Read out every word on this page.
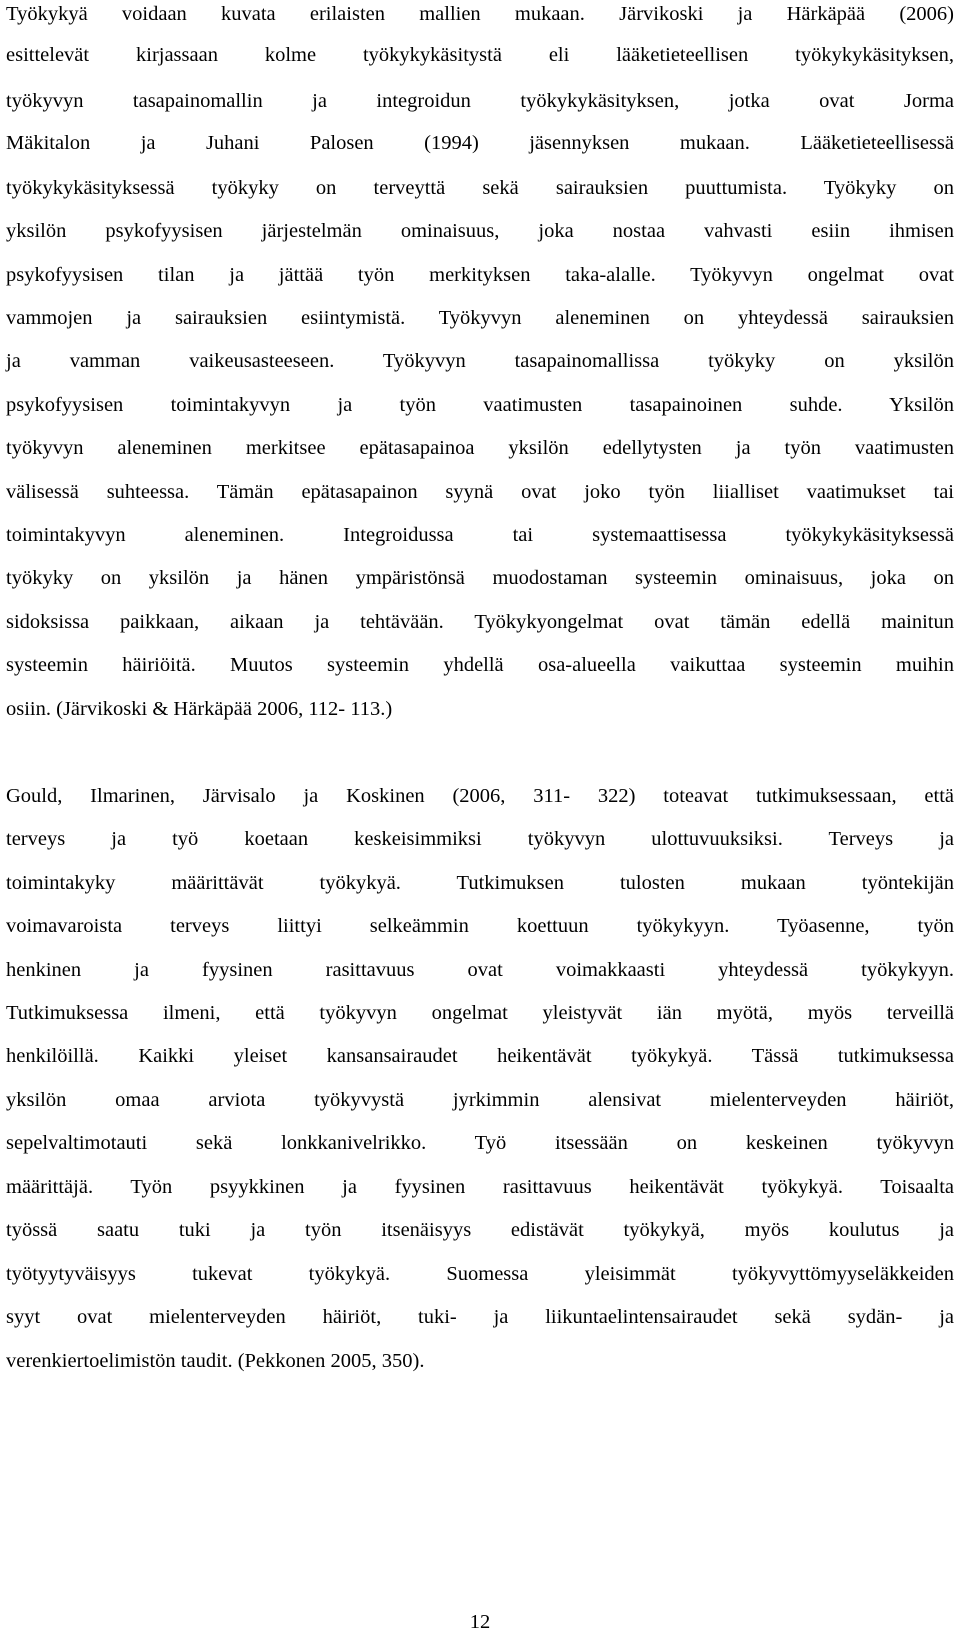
Työkykyä voidaan kuvata erilaisten mallien mukaan. Järvikoski ja Härkäpää (2006)
esittelevät kirjassaan kolme työkykykäsitystä eli lääketieteellisen työkykykäsityksen,
työkyvyn tasapainomallin ja integroidun työkykykäsityksen, jotka ovat Jorma
Mäkitalon ja Juhani Palosen (1994) jäsennyksen mukaan. Lääketieteellisessä
työkykykäsityksessä työkyky on terveyttä sekä sairauksien puuttumista. Työkyky on
yksilön psykofyysisen järjestelmän ominaisuus, joka nostaa vahvasti esiin ihmisen
psykofyysisen tilan ja jättää työn merkityksen taka-alalle. Työkyvyn ongelmat ovat
vammojen ja sairauksien esiintymistä. Työkyvyn aleneminen on yhteydessä sairauksien
ja vamman vaikeusasteeseen. Työkyvyn tasapainomallissa työkyky on yksilön
psykofyysisen toimintakyvyn ja työn vaatimusten tasapainoinen suhde. Yksilön
työkyvyn aleneminen merkitsee epätasapainoa yksilön edellytysten ja työn vaatimusten
välisessä suhteessa. Tämän epätasapainon syynä ovat joko työn liialliset vaatimukset tai
toimintakyvyn aleneminen. Integroidussa tai systemaattisessa työkykykäsityksessä
työkyky on yksilön ja hänen ympäristönsä muodostaman systeemin ominaisuus, joka on
sidoksissa paikkaan, aikaan ja tehtävään. Työkykyongelmat ovat tämän edellä mainitun
systeemin häiriöitä. Muutos systeemin yhdellä osa-alueella vaikuttaa systeemin muihin
osiin. (Järvikoski & Härkäpää 2006, 112- 113.)
Gould, Ilmarinen, Järvisalo ja Koskinen (2006, 311- 322) toteavat tutkimuksessaan, että
terveys ja työ koetaan keskeisimmiksi työkyvyn ulottuvuuksiksi. Terveys ja
toimintakyky määrittävät työkykyä. Tutkimuksen tulosten mukaan työntekijän
voimavaroista terveys liittyi selkeämmin koettuun työkykyyn. Työasenne, työn
henkinen ja fyysinen rasittavuus ovat voimakkaasti yhteydessä työkykyyn.
Tutkimuksessa ilmeni, että työkyvyn ongelmat yleistyvät iän myötä, myös terveillä
henkilöillä. Kaikki yleiset kansansairaudet heikentävät työkykyä. Tässä tutkimuksessa
yksilön omaa arviota työkyvystä jyrkimmin alensivat mielenterveyden häiriöt,
sepelvaltimotauti sekä lonkkanivelrikko. Työ itsessään on keskeinen työkyvyn
määrittäjä. Työn psyykkinen ja fyysinen rasittavuus heikentävät työkykyä. Toisaalta
työssä saatu tuki ja työn itsenäisyys edistävät työkykyä, myös koulutus ja
työtyytyväisyys tukevat työkykyä. Suomessa yleisimmät työkyvyttömyyseläkkeiden
syyt ovat mielenterveyden häiriöt, tuki- ja liikuntaelintensairaudet sekä sydän- ja
verenkiertoelimistön taudit. (Pekkonen 2005, 350).
12
